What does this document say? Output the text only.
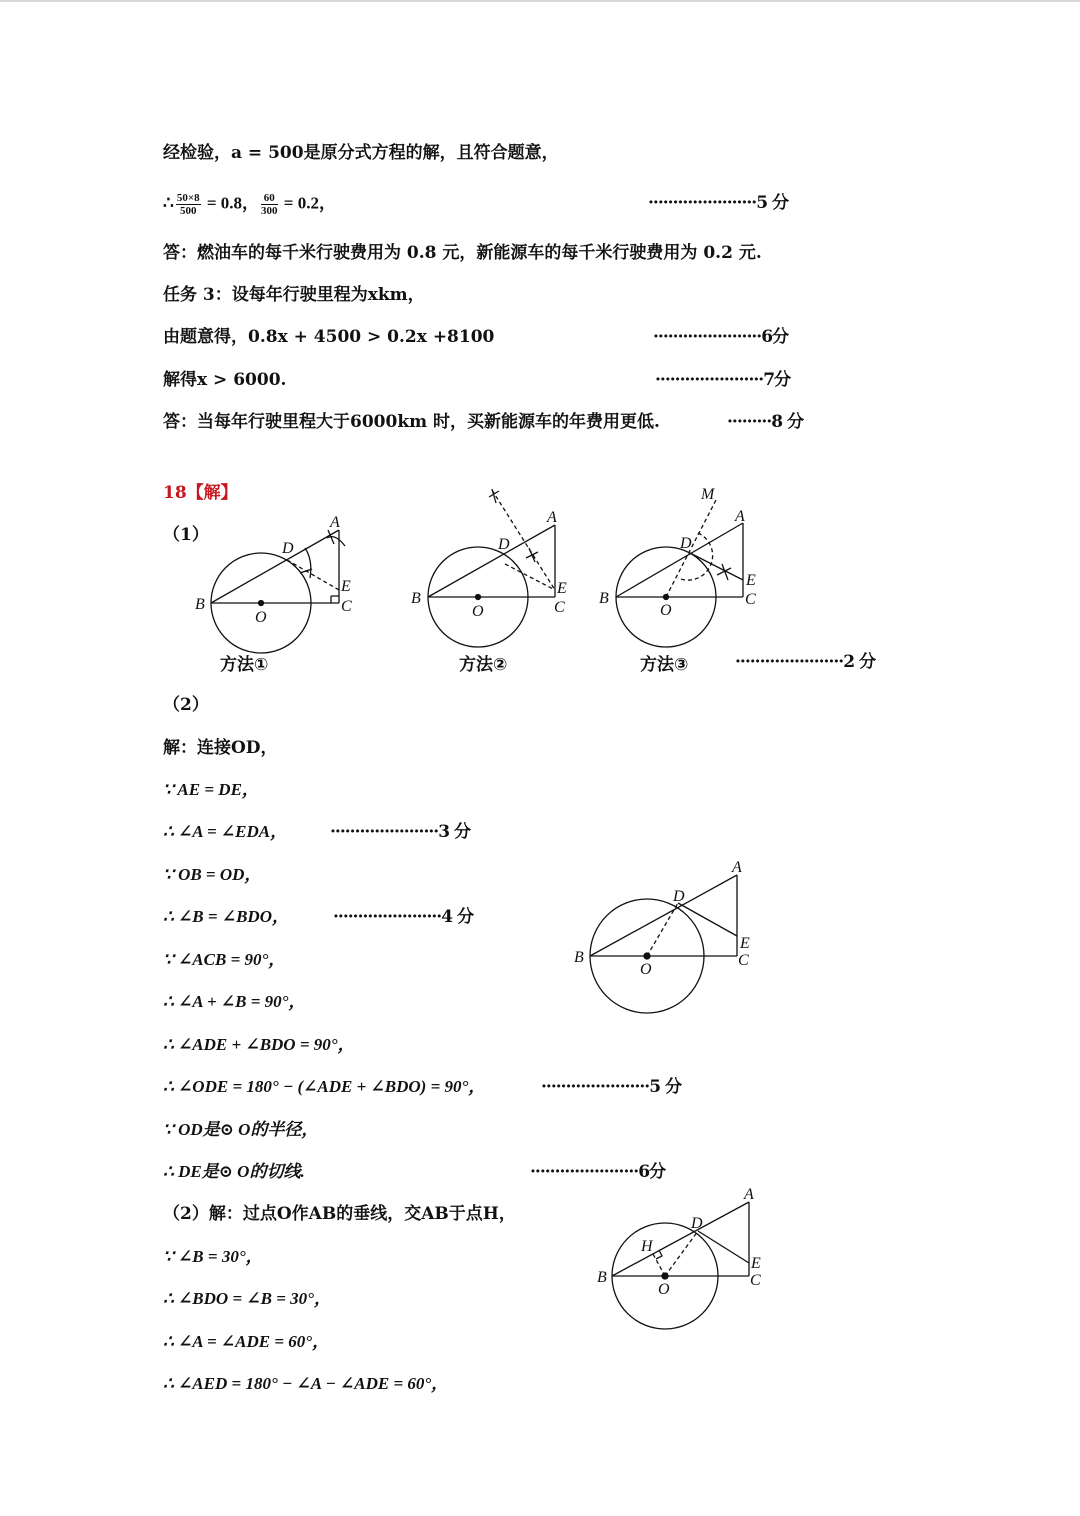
经检验，a = 500是原分式方程的解，且符合题意，
∴ $\frac{50\times 8}{500} = 0.8$， $\frac{60}{300} = 0.2$，	······················5 分
答：燃油车的每千米行驶费用为 0.8 元，新能源车的每千米行驶费用为 0.2 元.
任务 3：设每年行驶里程为xkm，
由题意得，0.8x + 4500 > 0.2x +8100	······················6分
解得x > 6000.	······················7分
答：当每年行驶里程大于6000km 时，买新能源车的年费用更低.	·········8 分
18【解】
（1）
······················2 分
（2）
解：连接OD，
∵ AE = DE，
∴ ∠A = ∠EDA，	······················3 分
∵ OB = OD，
∴ ∠B = ∠BDO，	······················4 分
∵ ∠ACB = 90°，
∴ ∠A + ∠B = 90°，
∴ ∠ADE + ∠BDO = 90°，
∴ ∠ODE = 180° − (∠ADE + ∠BDO) = 90°，	······················5 分
∵ OD是⊙ O的半径，
∴ DE是⊙ O的切线.	······················6分
（2）解：过点O作AB的垂线，交AB于点H，
∵ ∠B = 30°，
∴ ∠BDO = ∠B = 30°，
∴ ∠A = ∠ADE = 60°，
∴ ∠AED = 180° − ∠A − ∠ADE = 60°，
A
D
E
C
B
O
方法①
A
D
E
C
B
O
方法②
M
A
D
E
C
B
O
方法③
A
D
E
C
B
O
A
D
H
E
C
B
O
